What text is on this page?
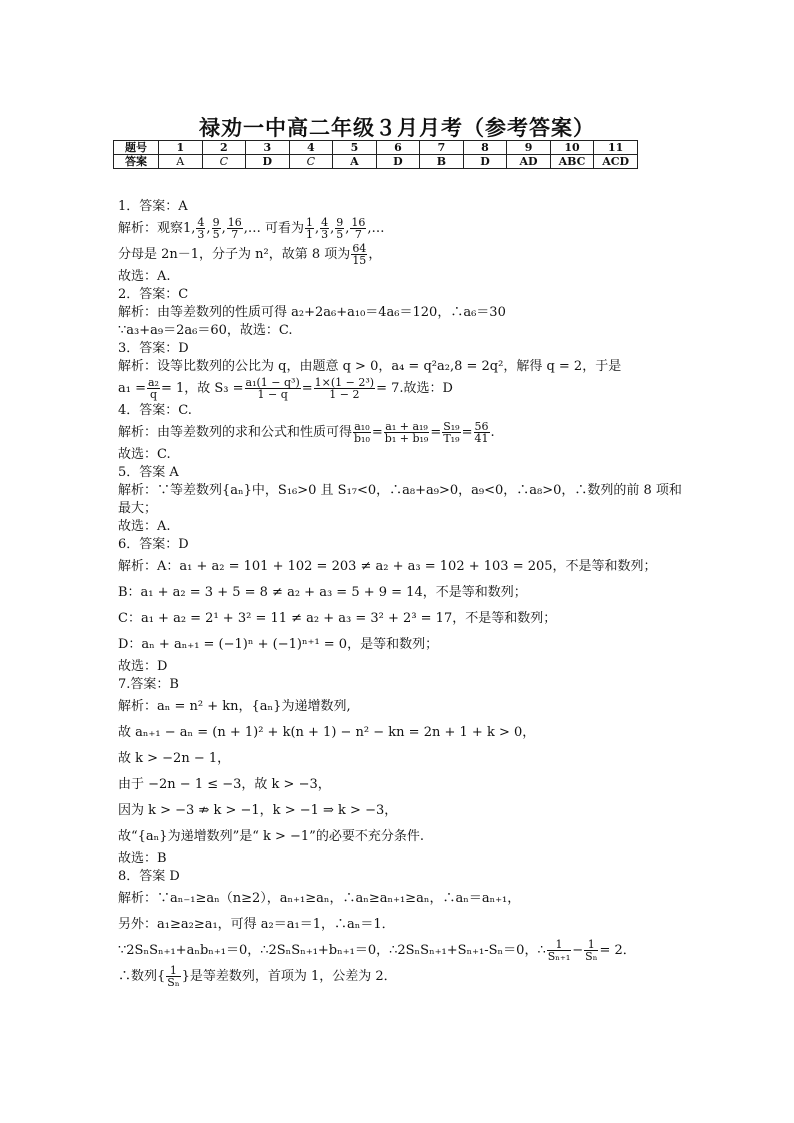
禄劝一中高二年级３月月考（参考答案）
题号	1	2	3	4	5	6	7	8	9	10	11
答案	A	C	D	C	A	D	B	D	AD	ABC	ACD
1．答案：A
解析：观察1, $\frac{4}{3}$ , $\frac{9}{5}$ , $\frac{16}{7}$ ,… 可看为 $\frac{1}{1}$ , $\frac{4}{3}$ , $\frac{9}{5}$ , $\frac{16}{7}$ ,…
分母是 2n－1，分子为 n²，故第 8 项为 $\frac{64}{15}$ ，
故选：A.
2．答案：C
解析：由等差数列的性质可得 a₂+2a₆+a₁₀＝4a₆＝120，∴a₆＝30
∵a₃+a₉＝2a₆＝60，故选：C.
3．答案：D
解析：设等比数列的公比为 q，由题意 q > 0，a₄ = q²a₂,8 = 2q²，解得 q = 2，于是
$a_1 = \frac{\text{a₂}}{q} = 1$，故 $S_3 = \frac{\text{a₁(1 − q³)}}{1 - q} = \frac{\text{1×(1 − 2³)}}{1 - 2} = 7$.故选：D
4．答案：C.
解析：由等差数列的求和公式和性质可得 $\frac{\text{a₁₀}}{\text{b₁₀}} = \frac{\text{a₁ + a₁₉}}{\text{b₁ + b₁₉}} = \frac{\text{S₁₉}}{\text{T₁₉}} = \frac{56}{41}$ .
故选：C.
5．答案 A
解析：∵等差数列{aₙ}中，S₁₆>0 且 S₁₇<0，∴a₈+a₉>0，a₉<0，∴a₈>0，∴数列的前 8 项和
最大；
故选：A.
6．答案：D
解析：A：a₁ + a₂ = 101 + 102 = 203 ≠ a₂ + a₃ = 102 + 103 = 205，不是等和数列；
B：a₁ + a₂ = 3 + 5 = 8 ≠ a₂ + a₃ = 5 + 9 = 14，不是等和数列；
C：a₁ + a₂ = 2¹ + 3² = 11 ≠ a₂ + a₃ = 3² + 2³ = 17，不是等和数列；
D：aₙ + aₙ₊₁ = (−1)ⁿ + (−1)ⁿ⁺¹ = 0，是等和数列；
故选：D
7.答案：B
解析：aₙ = n² + kn，{aₙ}为递增数列,
故 aₙ₊₁ − aₙ = (n + 1)² + k(n + 1) − n² − kn = 2n + 1 + k > 0，
故 k > −2n − 1，
由于 −2n − 1 ≤ −3，故 k > −3，
因为 k > −3 ⇏ k > −1，k > −1 ⇒ k > −3，
故“{aₙ}为递增数列”是“ k > −1”的必要不充分条件.
故选：B
8．答案 D
解析：∵aₙ₋₁≥aₙ（n≥2），aₙ₊₁≥aₙ，∴aₙ≥aₙ₊₁≥aₙ，∴aₙ＝aₙ₊₁，
另外：a₁≥a₂≥a₁，可得 a₂＝a₁＝1，∴aₙ＝1．
∵2SₙSₙ₊₁+aₙbₙ₊₁＝0，∴2SₙSₙ₊₁+bₙ₊₁＝0，∴2SₙSₙ₊₁+Sₙ₊₁-Sₙ＝0，∴ $\frac{1}{\text{Sₙ₊₁}} - \frac{1}{\text{Sₙ}} = 2$．
∴数列{ $\frac{1}{\text{Sₙ}}$ }是等差数列，首项为 1，公差为 2．
